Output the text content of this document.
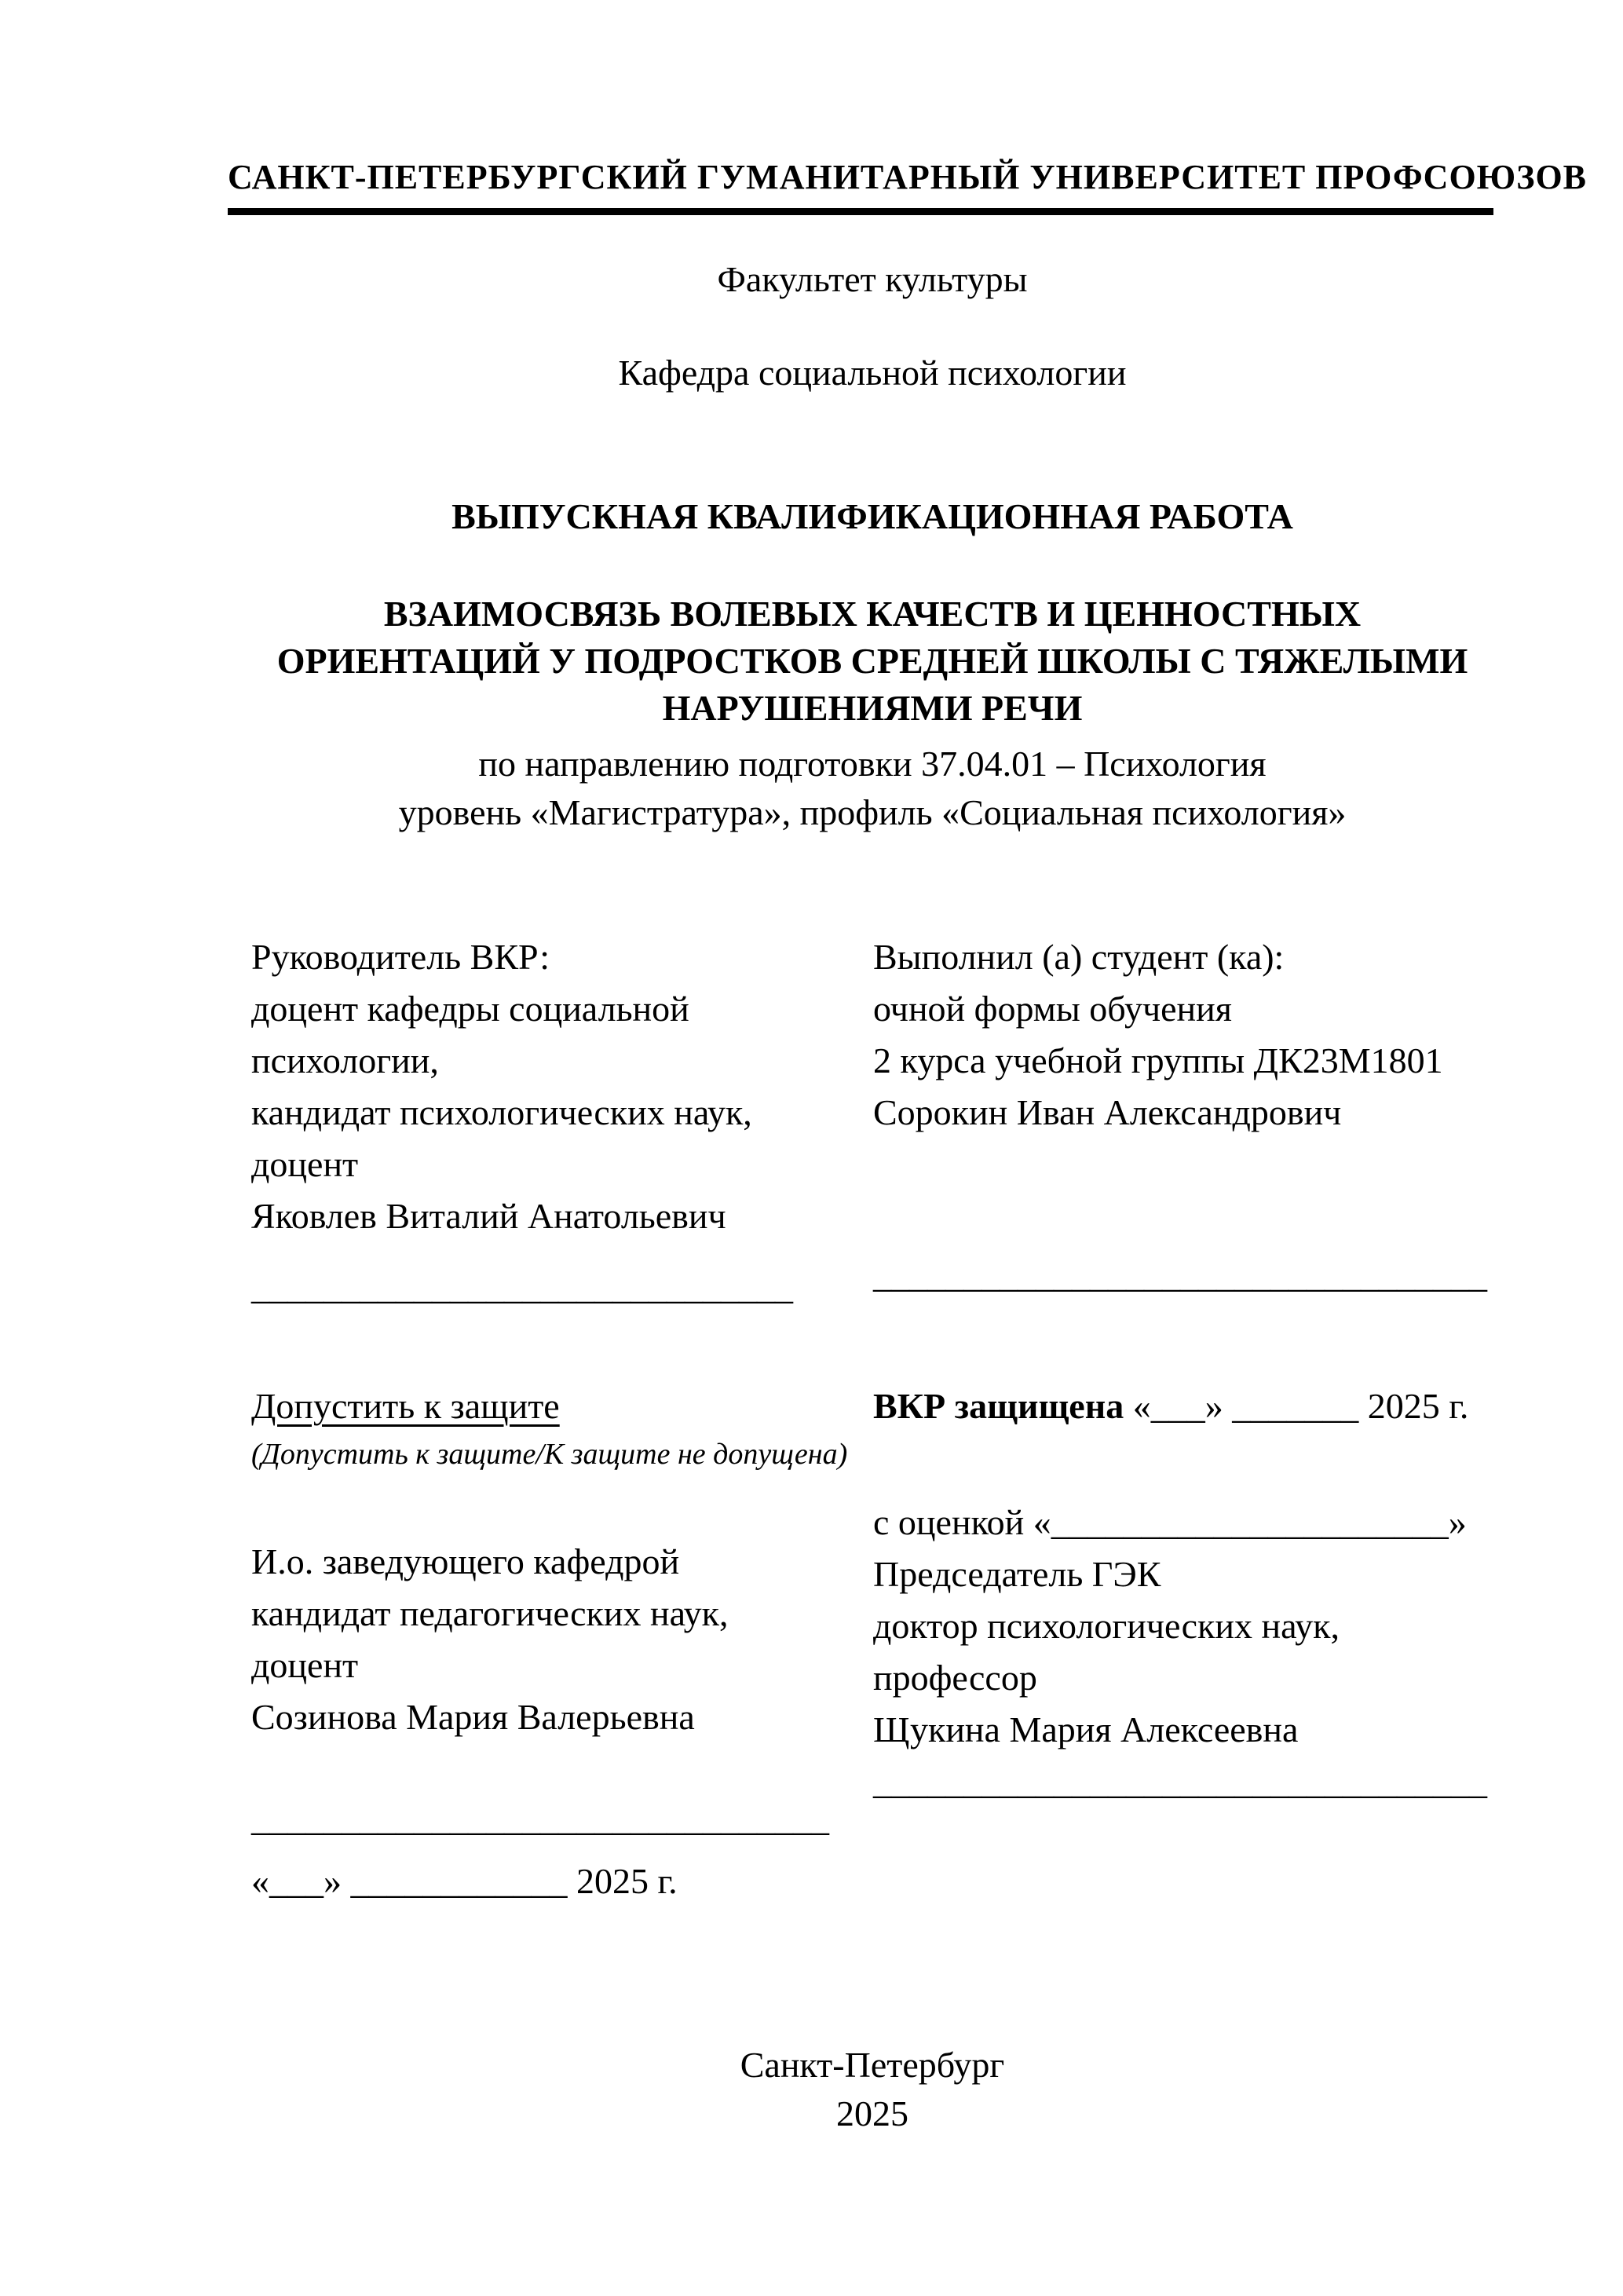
САНКТ-ПЕТЕРБУРГСКИЙ ГУМАНИТАРНЫЙ УНИВЕРСИТЕТ ПРОФСОЮЗОВ
Факультет культуры
Кафедра социальной психологии
ВЫПУСКНАЯ КВАЛИФИКАЦИОННАЯ РАБОТА
ВЗАИМОСВЯЗЬ ВОЛЕВЫХ КАЧЕСТВ И ЦЕННОСТНЫХ
ОРИЕНТАЦИЙ У ПОДРОСТКОВ СРЕДНЕЙ ШКОЛЫ С ТЯЖЕЛЫМИ
НАРУШЕНИЯМИ РЕЧИ
по направлению подготовки 37.04.01 – Психология
уровень «Магистратура», профиль «Социальная психология»
Руководитель ВКР:
доцент кафедры социальной
психологии,
кандидат психологических наук,
доцент
Яковлев Виталий Анатольевич
______________________________
Выполнил (а) студент (ка):
очной формы обучения
2 курса учебной группы ДК23М1801
Сорокин Иван Александрович
__________________________________
Допустить к защите
(Допустить к защите/К защите не допущена)
И.о. заведующего кафедрой
кандидат педагогических наук,
доцент
Созинова Мария Валерьевна
________________________________
«___» ____________ 2025 г.
ВКР защищена «___» _______ 2025 г.
с оценкой «______________________»
Председатель ГЭК
доктор психологических наук,
профессор
Щукина Мария Алексеевна
__________________________________
Санкт-Петербург
2025
